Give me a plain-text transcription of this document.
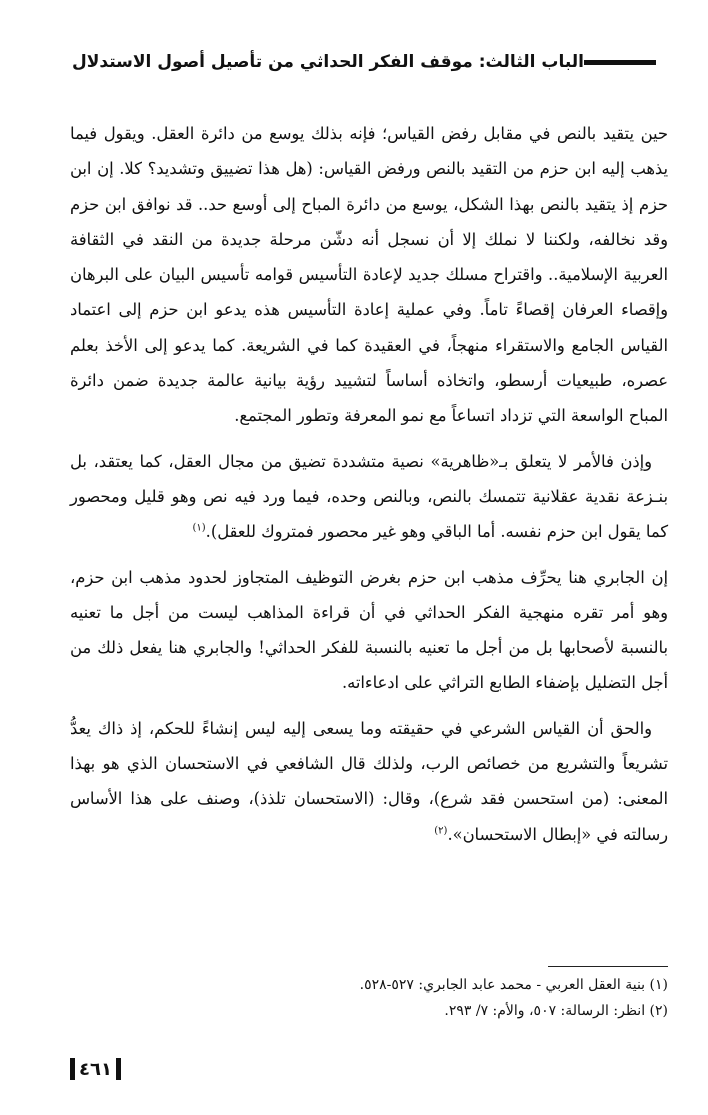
الباب الثالث: موقف الفكر الحداثي من تأصيل أصول الاستدلال

حين يتقيد بالنص في مقابل رفض القياس؛ فإنه بذلك يوسع من دائرة العقل. ويقول فيما يذهب إليه ابن حزم من التقيد بالنص ورفض القياس: (هل هذا تضييق وتشديد؟ كلا. إن ابن حزم إذ يتقيد بالنص بهذا الشكل، يوسع من دائرة المباح إلى أوسع حد.. قد نوافق ابن حزم وقد نخالفه، ولكننا لا نملك إلا أن نسجل أنه دشّن مرحلة جديدة من النقد في الثقافة العربية الإسلامية.. واقتراح مسلك جديد لإعادة التأسيس قوامه تأسيس البيان على البرهان وإقصاء العرفان إقصاءً تاماً. وفي عملية إعادة التأسيس هذه يدعو ابن حزم إلى اعتماد القياس الجامع والاستقراء منهجاً، في العقيدة كما في الشريعة. كما يدعو إلى الأخذ بعلم عصره، طبيعيات أرسطو، واتخاذه أساساً لتشييد رؤية بيانية عالمة جديدة ضمن دائرة المباح الواسعة التي تزداد اتساعاً مع نمو المعرفة وتطور المجتمع.

وإذن فالأمر لا يتعلق بـ«ظاهرية» نصية متشددة تضيق من مجال العقل، كما يعتقد، بل بنـزعة نقدية عقلانية تتمسك بالنص، وبالنص وحده، فيما ورد فيه نص وهو قليل ومحصور كما يقول ابن حزم نفسه. أما الباقي وهو غير محصور فمتروك للعقل).$^{(١)}$

إن الجابري هنا يحرِّف مذهب ابن حزم بغرض التوظيف المتجاوز لحدود مذهب ابن حزم، وهو أمر تقره منهجية الفكر الحداثي في أن قراءة المذاهب ليست من أجل ما تعنيه بالنسبة لأصحابها بل من أجل ما تعنيه بالنسبة للفكر الحداثي! والجابري هنا يفعل ذلك من أجل التضليل بإضفاء الطابع التراثي على ادعاءاته.

والحق أن القياس الشرعي في حقيقته وما يسعى إليه ليس إنشاءً للحكم، إذ ذاك يعدُّ تشريعاً والتشريع من خصائص الرب، ولذلك قال الشافعي في الاستحسان الذي هو بهذا المعنى: (من استحسن فقد شرع)، وقال: (الاستحسان تلذذ)، وصنف على هذا الأساس رسالته في «إبطال الاستحسان».$^{(٢)}$

(١) بنية العقل العربي - محمد عابد الجابري: ٥٢٧-٥٢٨.

(٢) انظر: الرسالة: ٥٠٧، والأم: ٧/ ٢٩٣.

٤٦١
